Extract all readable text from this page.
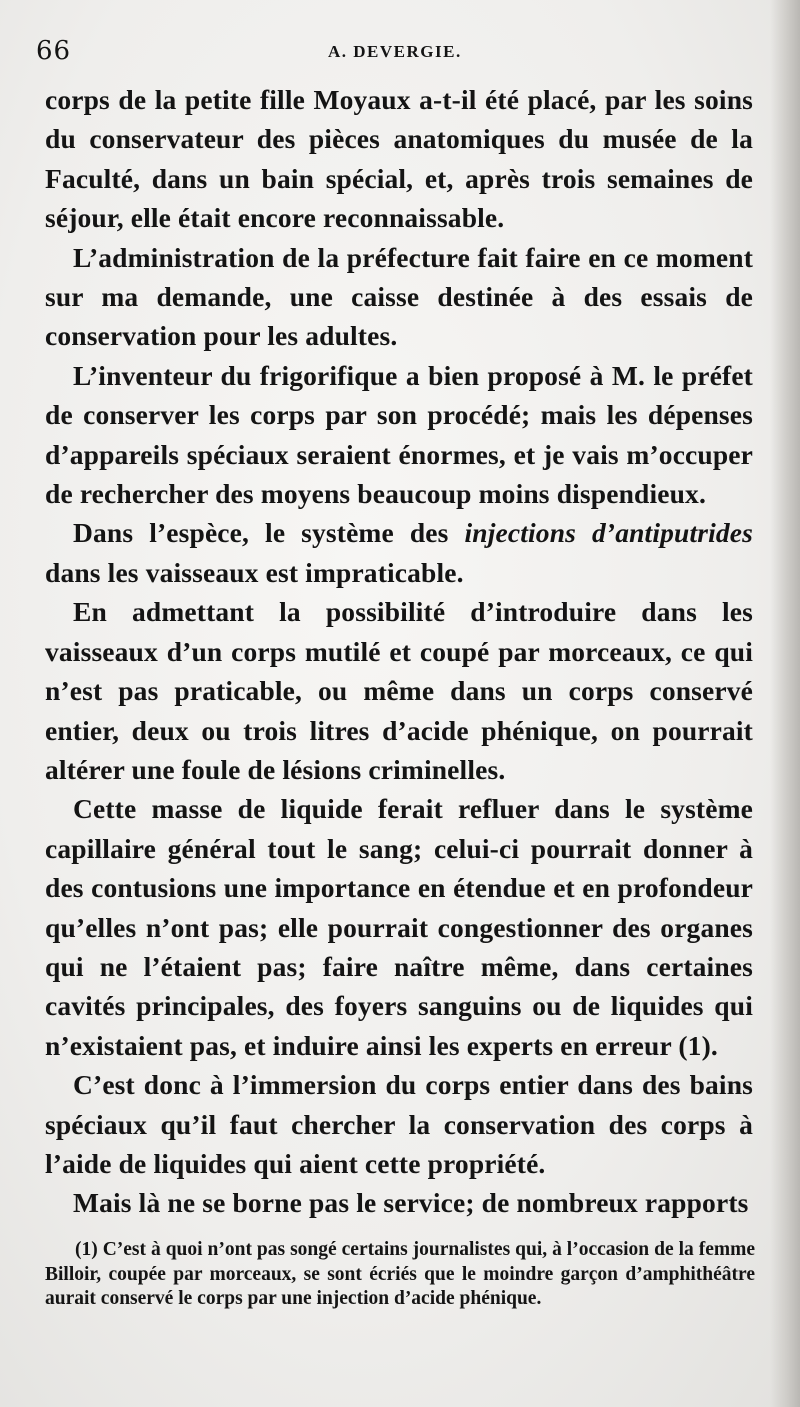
66	A. DEVERGIE.

corps de la petite fille Moyaux a-t-il été placé, par les soins du conservateur des pièces anatomiques du musée de la Faculté, dans un bain spécial, et, après trois semaines de séjour, elle était encore reconnaissable.

L’administration de la préfecture fait faire en ce moment sur ma demande, une caisse destinée à des essais de conservation pour les adultes.

L’inventeur du frigorifique a bien proposé à M. le préfet de conserver les corps par son procédé; mais les dépenses d’appareils spéciaux seraient énormes, et je vais m’occuper de rechercher des moyens beaucoup moins dispendieux.

Dans l’espèce, le système des injections d’antiputrides dans les vaisseaux est impraticable.

En admettant la possibilité d’introduire dans les vaisseaux d’un corps mutilé et coupé par morceaux, ce qui n’est pas praticable, ou même dans un corps conservé entier, deux ou trois litres d’acide phénique, on pourrait altérer une foule de lésions criminelles.

Cette masse de liquide ferait refluer dans le système capillaire général tout le sang; celui-ci pourrait donner à des contusions une importance en étendue et en profondeur qu’elles n’ont pas; elle pourrait congestionner des organes qui ne l’étaient pas; faire naître même, dans certaines cavités principales, des foyers sanguins ou de liquides qui n’existaient pas, et induire ainsi les experts en erreur (1).

C’est donc à l’immersion du corps entier dans des bains spéciaux qu’il faut chercher la conservation des corps à l’aide de liquides qui aient cette propriété.

Mais là ne se borne pas le service; de nombreux rapports

(1) C’est à quoi n’ont pas songé certains journalistes qui, à l’occasion de la femme Billoir, coupée par morceaux, se sont écriés que le moindre garçon d’amphithéâtre aurait conservé le corps par une injection d’acide phénique.
